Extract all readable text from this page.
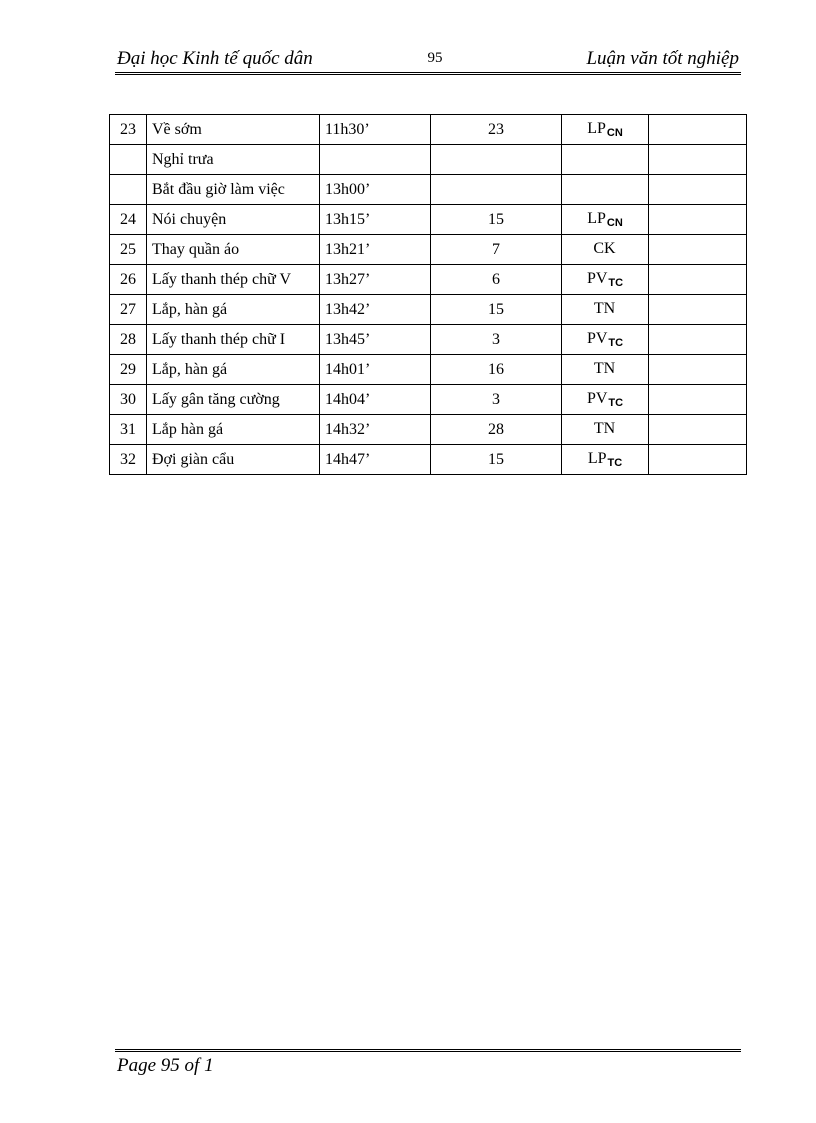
Đại học Kinh tế quốc dân	95	Luận văn tốt nghiệp
23	Về sớm	11h30’	23	$LP_{CN}$	
	Nghỉ trưa				
	Bắt đầu giờ làm việc	13h00’			
24	Nói chuyện	13h15’	15	$LP_{CN}$	
25	Thay quần áo	13h21’	7	CK	
26	Lấy thanh thép chữ V	13h27’	6	$PV_{TC}$	
27	Lắp, hàn gá	13h42’	15	TN	
28	Lấy thanh thép chữ I	13h45’	3	$PV_{TC}$	
29	Lắp, hàn gá	14h01’	16	TN	
30	Lấy gân tăng cường	14h04’	3	$PV_{TC}$	
31	Lắp hàn gá	14h32’	28	TN	
32	Đợi giàn cẩu	14h47’	15	$LP_{TC}$	
Page 95 of 1
